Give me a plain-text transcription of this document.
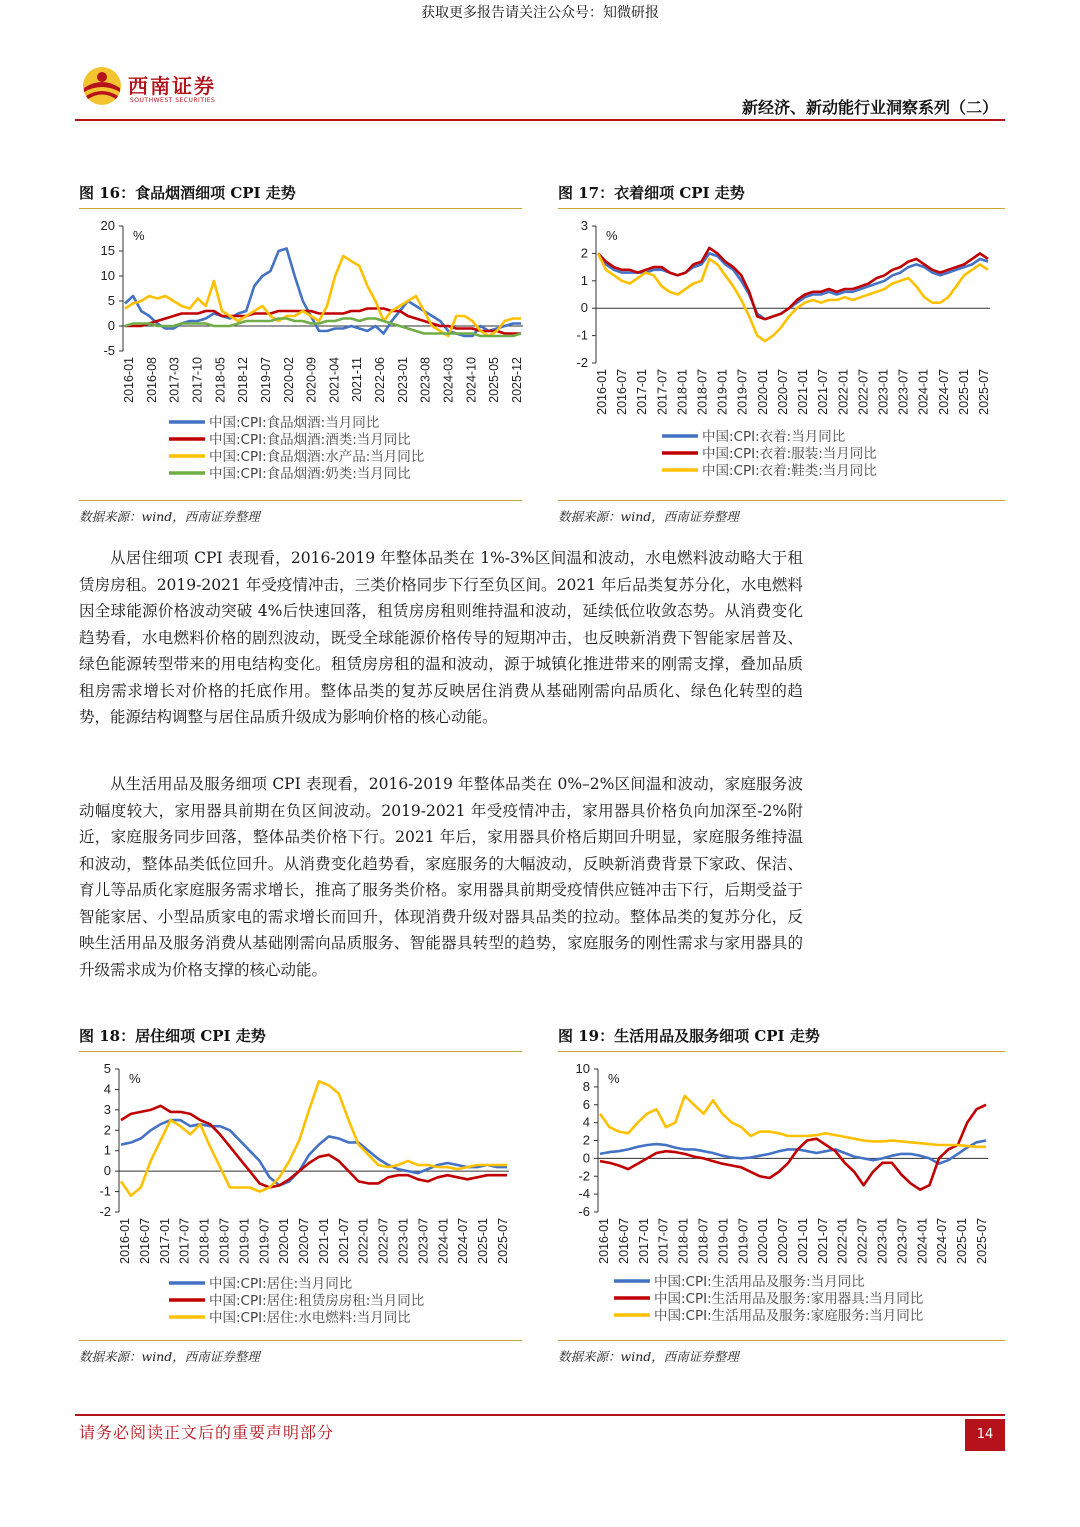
获取更多报告请关注公众号：知微研报
西南证券
SOUTHWEST SECURITIES	新经济、新动能行业洞察系列（二）
图 16：食品烟酒细项 CPI 走势
-5
0
5
10
15
20
%
2016-01 2016-08 2017-03 2017-10 2018-05 2018-12 2019-07 2020-02 2020-09 2021-04 2021-11 2022-06 2023-01 2023-08 2024-03 2024-10 2025-05 2025-12
中国:CPI:食品烟酒:当月同比
中国:CPI:食品烟酒:酒类:当月同比
中国:CPI:食品烟酒:水产品:当月同比
中国:CPI:食品烟酒:奶类:当月同比
数据来源：wind，西南证券整理
图 17：衣着细项 CPI 走势
-2
-1
0
1
2
3
%
2016-01 2016-07 2017-01 2017-07 2018-01 2018-07 2019-01 2019-07 2020-01 2020-07 2021-01 2021-07 2022-01 2022-07 2023-01 2023-07 2024-01 2024-07 2025-01 2025-07
中国:CPI:衣着:当月同比
中国:CPI:衣着:服装:当月同比
中国:CPI:衣着:鞋类:当月同比
数据来源：wind，西南证券整理
从居住细项 CPI 表现看，2016-2019 年整体品类在 1%-3%区间温和波动，水电燃料波动略大于租赁房房租。2019-2021 年受疫情冲击，三类价格同步下行至负区间。2021 年后品类复苏分化，水电燃料因全球能源价格波动突破 4%后快速回落，租赁房房租则维持温和波动，延续低位收敛态势。从消费变化趋势看，水电燃料价格的剧烈波动，既受全球能源价格传导的短期冲击，也反映新消费下智能家居普及、绿色能源转型带来的用电结构变化。租赁房房租的温和波动，源于城镇化推进带来的刚需支撑，叠加品质租房需求增长对价格的托底作用。整体品类的复苏反映居住消费从基础刚需向品质化、绿色化转型的趋势，能源结构调整与居住品质升级成为影响价格的核心动能。
从生活用品及服务细项 CPI 表现看，2016-2019 年整体品类在 0%–2%区间温和波动，家庭服务波动幅度较大，家用器具前期在负区间波动。2019-2021 年受疫情冲击，家用器具价格负向加深至-2%附近，家庭服务同步回落，整体品类价格下行。2021 年后，家用器具价格后期回升明显，家庭服务维持温和波动，整体品类低位回升。从消费变化趋势看，家庭服务的大幅波动，反映新消费背景下家政、保洁、育儿等品质化家庭服务需求增长，推高了服务类价格。家用器具前期受疫情供应链冲击下行，后期受益于智能家居、小型品质家电的需求增长而回升，体现消费升级对器具品类的拉动。整体品类的复苏分化，反映生活用品及服务消费从基础刚需向品质服务、智能器具转型的趋势，家庭服务的刚性需求与家用器具的升级需求成为价格支撑的核心动能。
图 18：居住细项 CPI 走势
-2
-1
0
1
2
3
4
5
%
2016-01 2016-07 2017-01 2017-07 2018-01 2018-07 2019-01 2019-07 2020-01 2020-07 2021-01 2021-07 2022-01 2022-07 2023-01 2023-07 2024-01 2024-07 2025-01 2025-07
中国:CPI:居住:当月同比
中国:CPI:居住:租赁房房租:当月同比
中国:CPI:居住:水电燃料:当月同比
数据来源：wind，西南证券整理
图 19：生活用品及服务细项 CPI 走势
-6
-4
-2
0
2
4
6
8
10
%
2016-01 2016-07 2017-01 2017-07 2018-01 2018-07 2019-01 2019-07 2020-01 2020-07 2021-01 2021-07 2022-01 2022-07 2023-01 2023-07 2024-01 2024-07 2025-01 2025-07
中国:CPI:生活用品及服务:当月同比
中国:CPI:生活用品及服务:家用器具:当月同比
中国:CPI:生活用品及服务:家庭服务:当月同比
数据来源：wind，西南证券整理
请务必阅读正文后的重要声明部分	14
